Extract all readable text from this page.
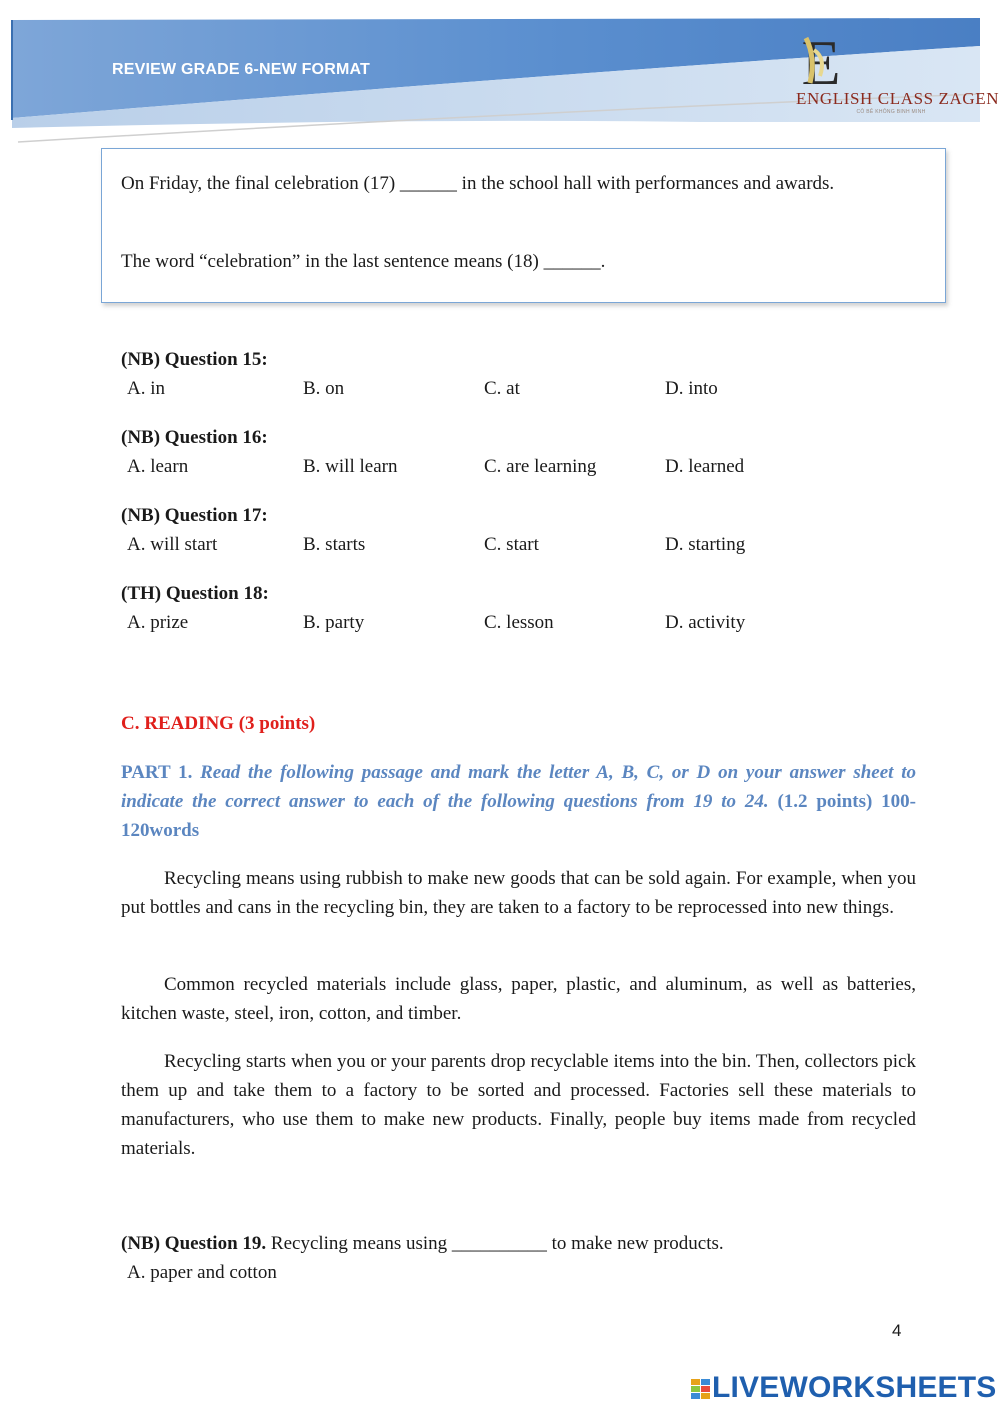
REVIEW GRADE 6-NEW FORMAT	E
ENGLISH CLASS ZAGEN
CÔ BÊ KHÔNG BINH MINH

On Friday, the final celebration (17) ______ in the school hall with performances and awards.

The word “celebration” in the last sentence means (18) ______.

(NB) Question 15:
A. in	B. on	C. at	D. into
(NB) Question 16:
A. learn	B. will learn	C. are learning	D. learned
(NB) Question 17:
A. will start	B. starts	C. start	D. starting
(TH) Question 18:
A. prize	B. party	C. lesson	D. activity
C. READING (3 points)

PART 1. Read the following passage and mark the letter A, B, C, or D on your answer sheet to indicate the correct answer to each of the following questions from 19 to 24. (1.2 points) 100-120words

Recycling means using rubbish to make new goods that can be sold again. For example, when you put bottles and cans in the recycling bin, they are taken to a factory to be reprocessed into new things.

Common recycled materials include glass, paper, plastic, and aluminum, as well as batteries, kitchen waste, steel, iron, cotton, and timber.

Recycling starts when you or your parents drop recyclable items into the bin. Then, collectors pick them up and take them to a factory to be sorted and processed. Factories sell these materials to manufacturers, who use them to make new products. Finally, people buy items made from recycled materials.

(NB) Question 19. Recycling means using __________ to make new products.
A. paper and cotton
4
LIVEWORKSHEETS
